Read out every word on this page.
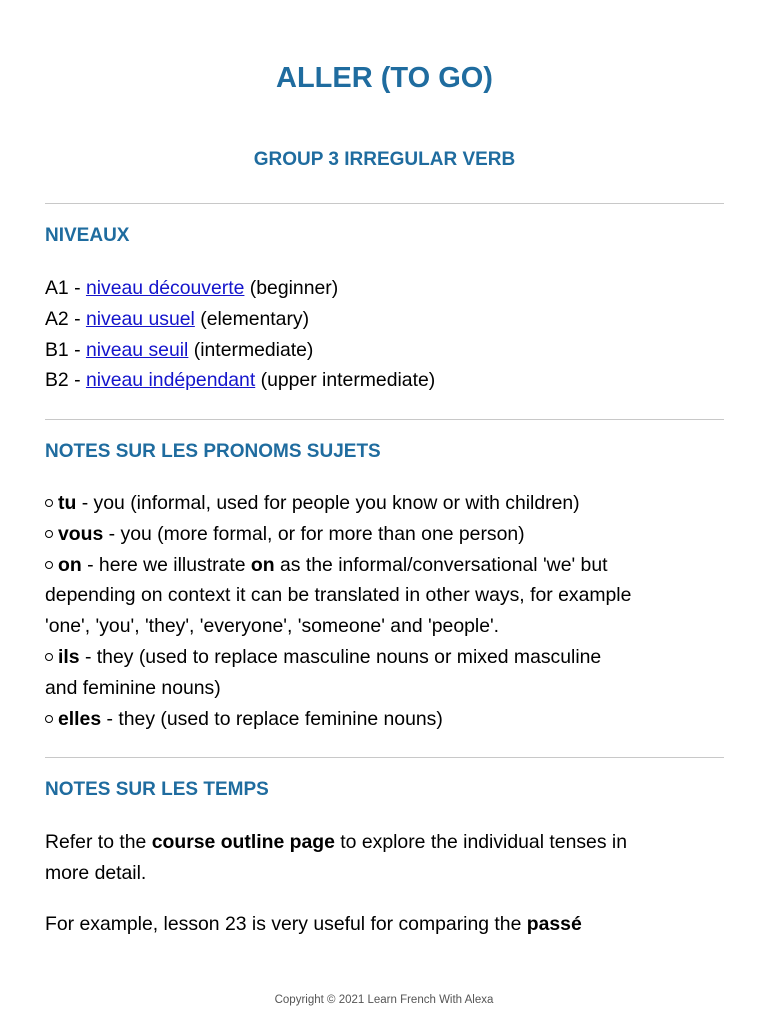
ALLER (TO GO)
GROUP 3 IRREGULAR VERB
NIVEAUX
A1 - niveau découverte (beginner)
A2 - niveau usuel (elementary)
B1 - niveau seuil (intermediate)
B2 - niveau indépendant (upper intermediate)
NOTES SUR LES PRONOMS SUJETS
tu - you (informal, used for people you know or with children)
vous - you (more formal, or for more than one person)
on - here we illustrate on as the informal/conversational 'we' but
depending on context it can be translated in other ways, for example
'one', 'you', 'they', 'everyone', 'someone' and 'people'.
ils - they (used to replace masculine nouns or mixed masculine
and feminine nouns)
elles - they (used to replace feminine nouns)
NOTES SUR LES TEMPS
Refer to the course outline page to explore the individual tenses in
more detail.
For example, lesson 23 is very useful for comparing the passé
Copyright © 2021 Learn French With Alexa
